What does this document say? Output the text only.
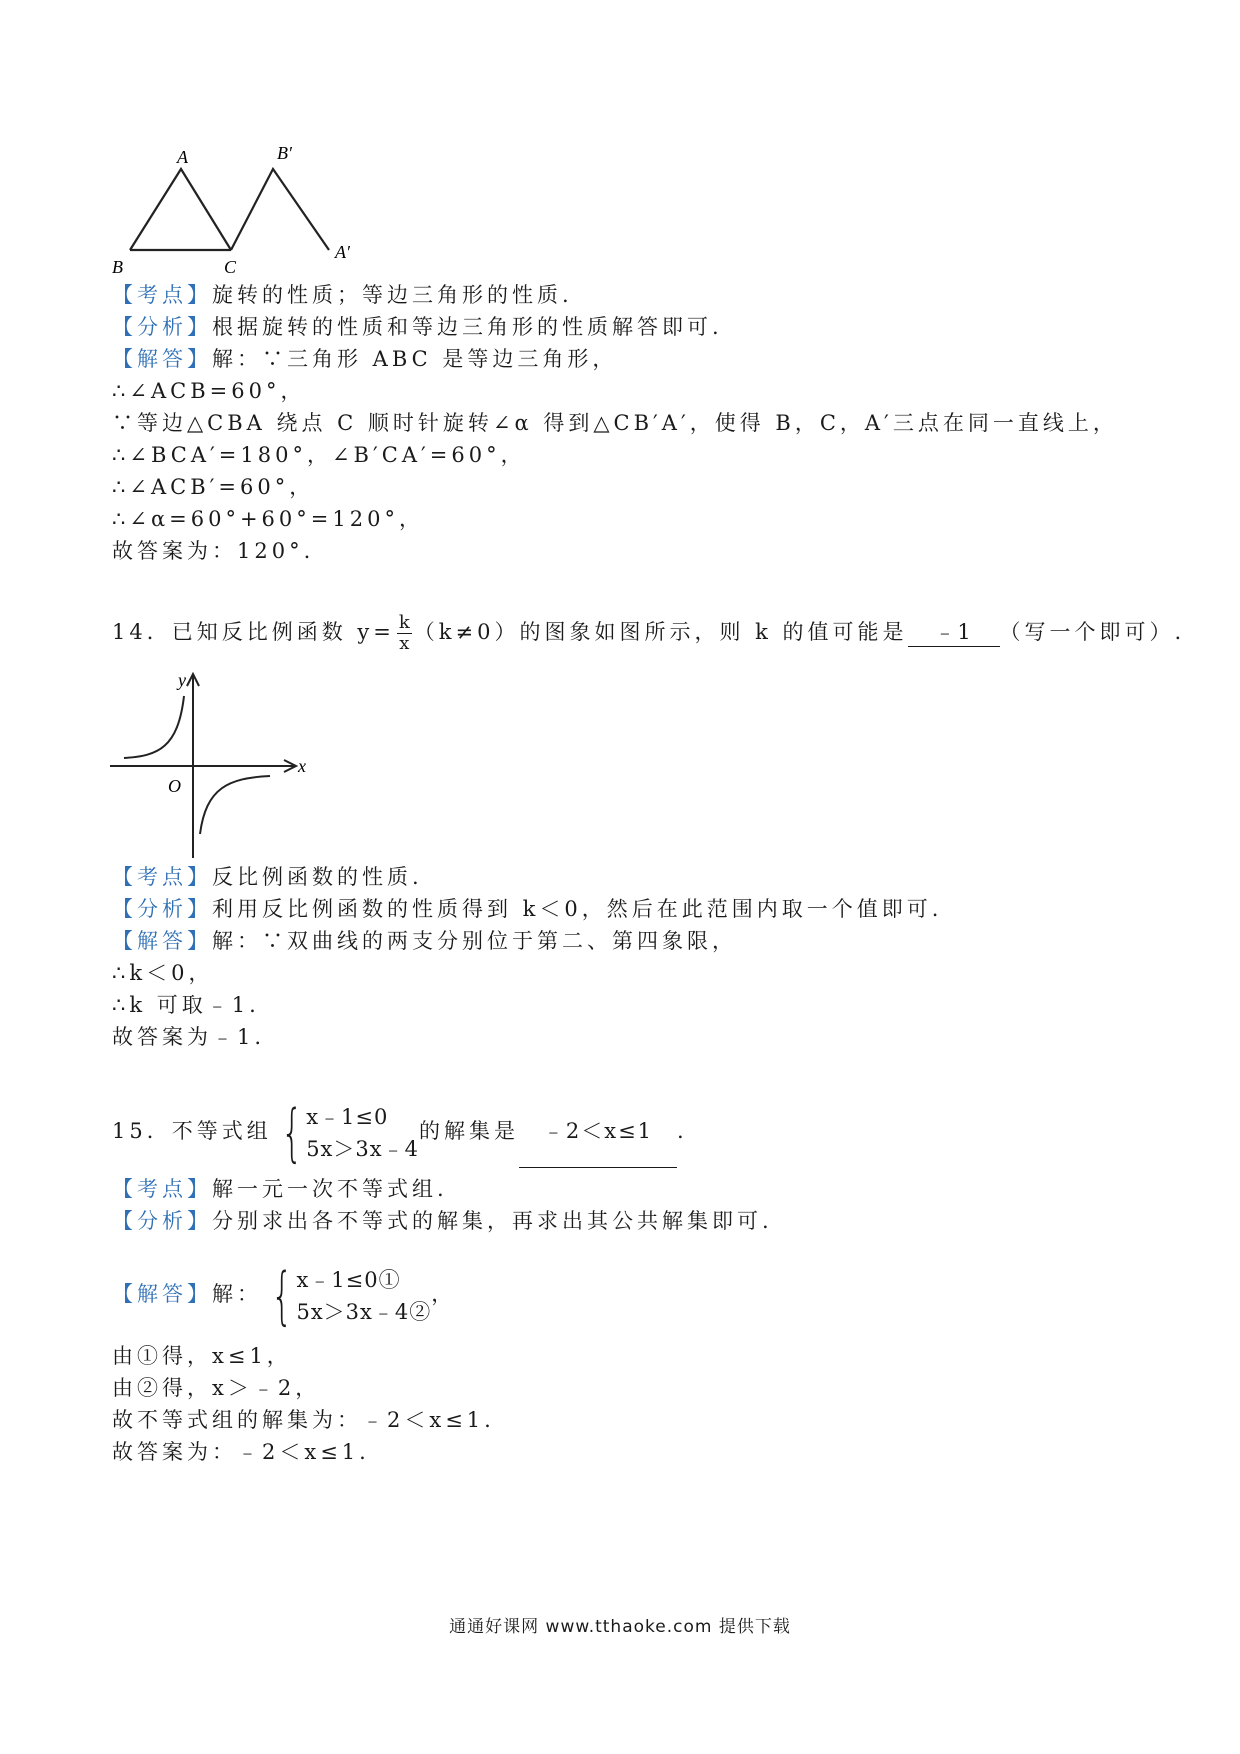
A
B	C
B′
A′
【考点】旋转的性质；等边三角形的性质.
【分析】根据旋转的性质和等边三角形的性质解答即可.
【解答】解：∵三角形 ABC 是等边三角形，
∴∠ACB=60°，
∵等边△CBA 绕点 C 顺时针旋转∠α 得到△CB′A′，使得 B，C，A′三点在同一直线上，
∴∠BCA′=180°，∠B′CA′=60°，
∴∠ACB′=60°，
∴∠α=60°+60°=120°，
故答案为：120°.
14．已知反比例函数 $y= \frac{k}{x} (k\ne 0)$的图象如图所示，则 k 的值可能是 ﹣1 （写一个即可）.
y
x
O
【考点】反比例函数的性质.
【分析】利用反比例函数的性质得到 k＜0，然后在此范围内取一个值即可.
【解答】解：∵双曲线的两支分别位于第二、第四象限，
∴k＜0，
∴k 可取﹣1.
故答案为﹣1.
15．不等式组 { x﹣1≤0
5x＞3x﹣4
的解集是 ﹣2＜x≤1 .
【考点】解一元一次不等式组.
【分析】分别求出各不等式的解集，再求出其公共解集即可.
【解答】解： { x﹣1≤0①
5x＞3x﹣4②
，
由①得，x≤1，
由②得，x＞﹣2，
故不等式组的解集为：﹣2＜x≤1.
故答案为：﹣2＜x≤1.
通通好课网 www.tthaoke.com 提供下载
